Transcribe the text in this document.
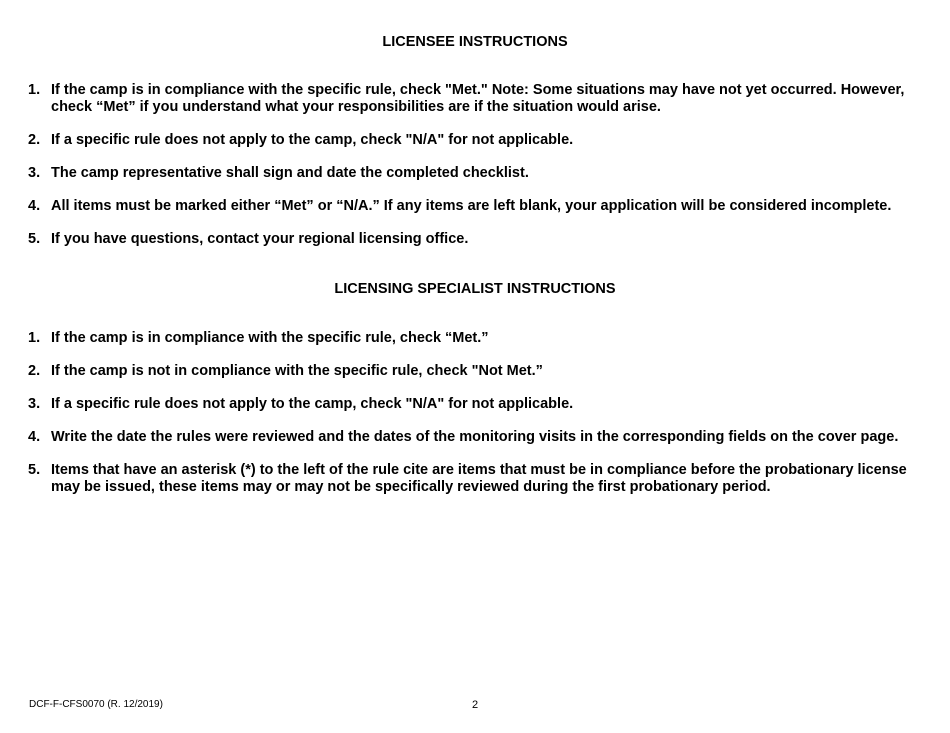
LICENSEE INSTRUCTIONS
1. If the camp is in compliance with the specific rule, check "Met." Note: Some situations may have not yet occurred. However, check “Met” if you understand what your responsibilities are if the situation would arise.
2. If a specific rule does not apply to the camp, check "N/A" for not applicable.
3. The camp representative shall sign and date the completed checklist.
4. All items must be marked either “Met” or “N/A.” If any items are left blank, your application will be considered incomplete.
5. If you have questions, contact your regional licensing office.
LICENSING SPECIALIST INSTRUCTIONS
1. If the camp is in compliance with the specific rule, check “Met.”
2. If the camp is not in compliance with the specific rule, check "Not Met.”
3. If a specific rule does not apply to the camp, check "N/A" for not applicable.
4. Write the date the rules were reviewed and the dates of the monitoring visits in the corresponding fields on the cover page.
5. Items that have an asterisk (*) to the left of the rule cite are items that must be in compliance before the probationary license may be issued, these items may or may not be specifically reviewed during the first probationary period.
DCF-F-CFS0070 (R. 12/2019)	2
